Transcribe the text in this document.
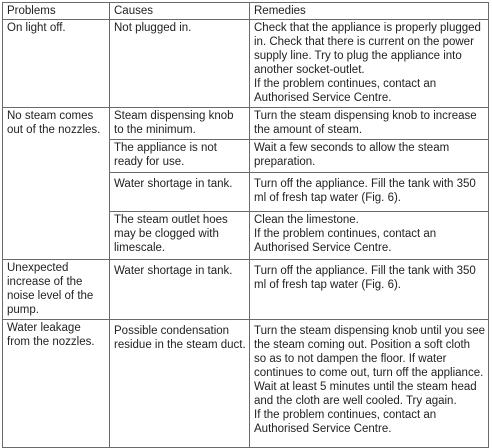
Problems	Causes	Remedies
On light off.	Not plugged in.	Check that the appliance is properly plugged in. Check that there is current on the power supply line. Try to plug the appliance into another socket-outlet.
If the problem continues, contact an Authorised Service Centre.

No steam comes out of the nozzles.	Steam dispensing knob to the minimum.	Turn the steam dispensing knob to increase the amount of steam.
	The appliance is not ready for use.	Wait a few seconds to allow the steam preparation.
	Water shortage in tank.	Turn off the appliance. Fill the tank with 350 ml of fresh tap water (Fig. 6).
	The steam outlet hoes may be clogged with limescale.	Clean the limestone.
If the problem continues, contact an Authorised Service Centre.

Unexpected increase of the noise level of the pump.	Water shortage in tank.	Turn off the appliance. Fill the tank with 350 ml of fresh tap water (Fig. 6).
Water leakage from the nozzles.	Possible condensation residue in the steam duct.	Turn the steam dispensing knob until you see the steam coming out. Position a soft cloth so as to not dampen the floor. If water continues to come out, turn off the appliance. Wait at least 5 minutes until the steam head and the cloth are well cooled. Try again.
If the problem continues, contact an Authorised Service Centre.
